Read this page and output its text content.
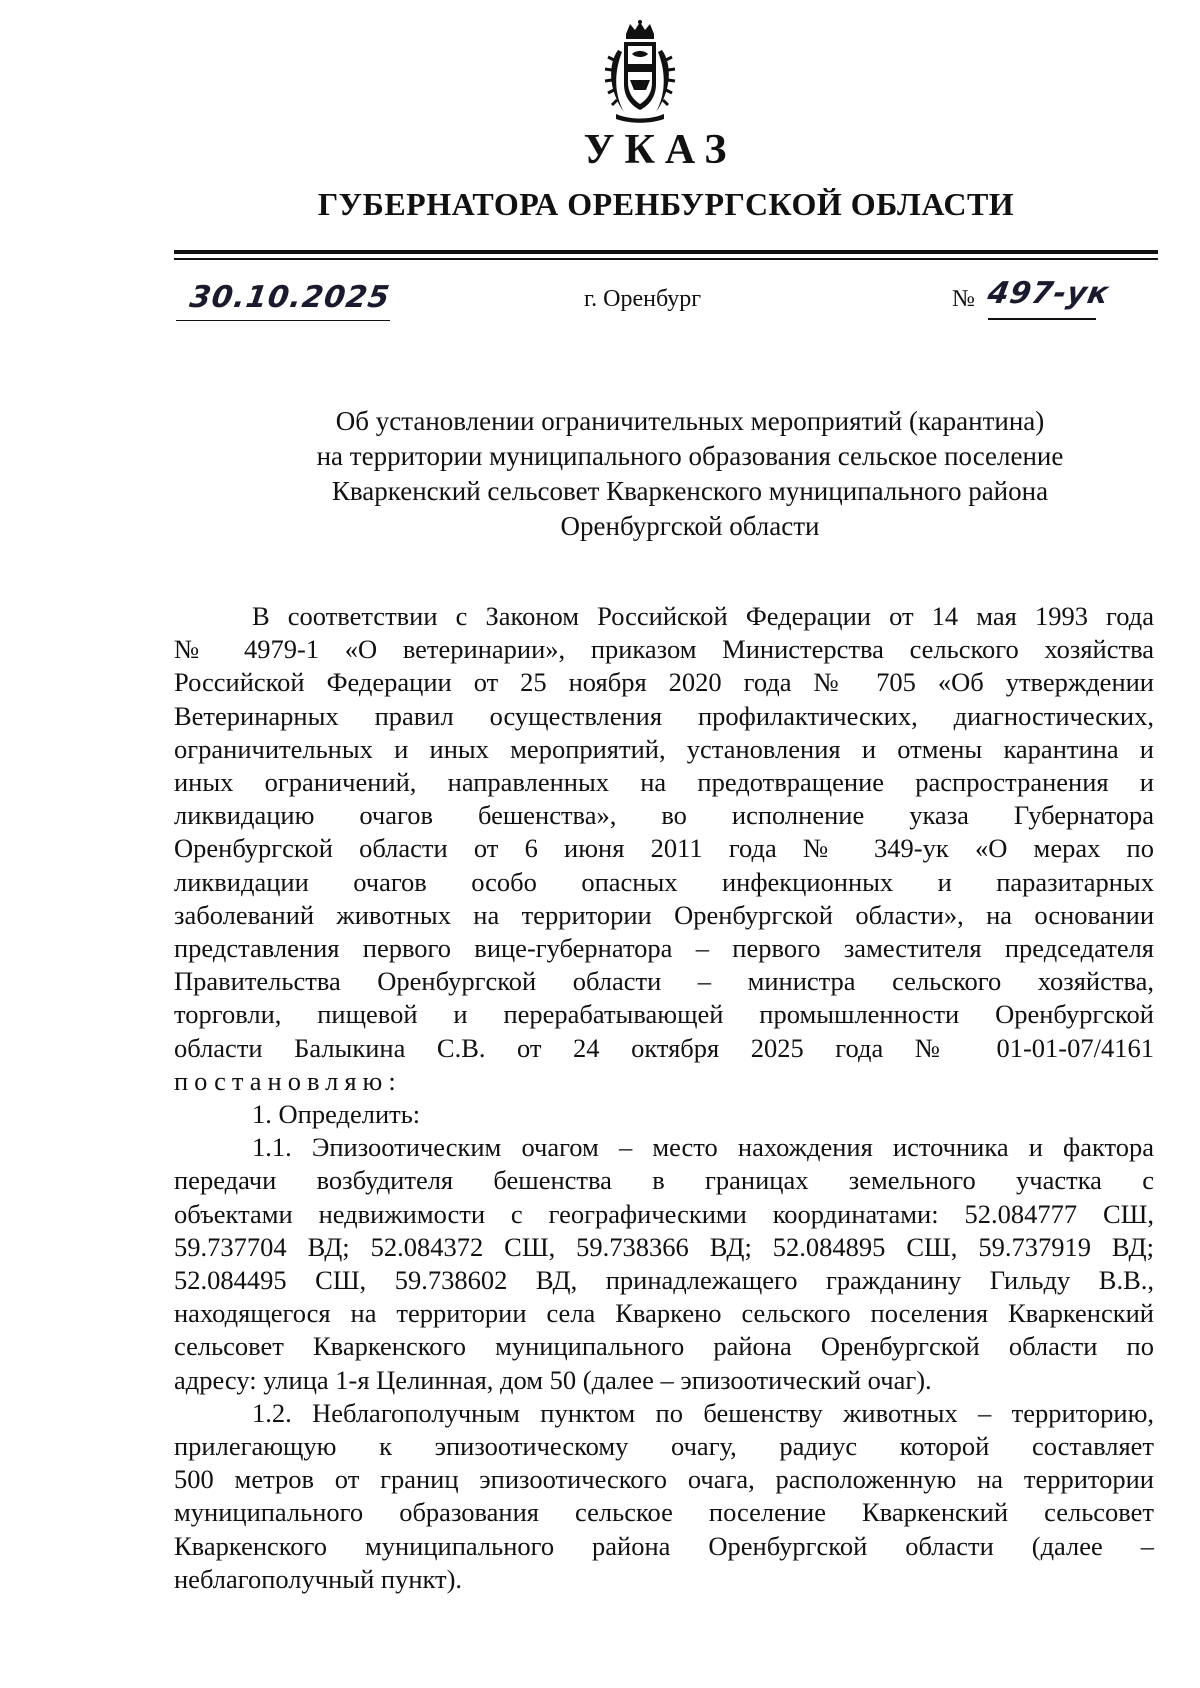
УКАЗ
ГУБЕРНАТОРА ОРЕНБУРГСКОЙ ОБЛАСТИ
30.10.2025	г. Оренбург	№ 497-ук
Об установлении ограничительных мероприятий (карантина)
на территории муниципального образования сельское поселение
Кваркенский сельсовет Кваркенского муниципального района
Оренбургской области
В соответствии с Законом Российской Федерации от 14 мая 1993 года
№ 4979-1 «О ветеринарии», приказом Министерства сельского хозяйства
Российской Федерации от 25 ноября 2020 года № 705 «Об утверждении
Ветеринарных правил осуществления профилактических, диагностических,
ограничительных и иных мероприятий, установления и отмены карантина и
иных ограничений, направленных на предотвращение распространения и
ликвидацию очагов бешенства», во исполнение указа Губернатора
Оренбургской области от 6 июня 2011 года № 349-ук «О мерах по
ликвидации очагов особо опасных инфекционных и паразитарных
заболеваний животных на территории Оренбургской области», на основании
представления первого вице-губернатора – первого заместителя председателя
Правительства Оренбургской области – министра сельского хозяйства,
торговли, пищевой и перерабатывающей промышленности Оренбургской
области Балыкина С.В. от 24 октября 2025 года № 01-01-07/4161
постановляю:
1. Определить:
1.1. Эпизоотическим очагом – место нахождения источника и фактора
передачи возбудителя бешенства в границах земельного участка с
объектами недвижимости с географическими координатами: 52.084777 СШ,
59.737704 ВД; 52.084372 СШ, 59.738366 ВД; 52.084895 СШ, 59.737919 ВД;
52.084495 СШ, 59.738602 ВД, принадлежащего гражданину Гильду В.В.,
находящегося на территории села Кваркено сельского поселения Кваркенский
сельсовет Кваркенского муниципального района Оренбургской области по
адресу: улица 1-я Целинная, дом 50 (далее – эпизоотический очаг).
1.2. Неблагополучным пунктом по бешенству животных – территорию,
прилегающую к эпизоотическому очагу, радиус которой составляет
500 метров от границ эпизоотического очага, расположенную на территории
муниципального образования сельское поселение Кваркенский сельсовет
Кваркенского муниципального района Оренбургской области (далее –
неблагополучный пункт).
